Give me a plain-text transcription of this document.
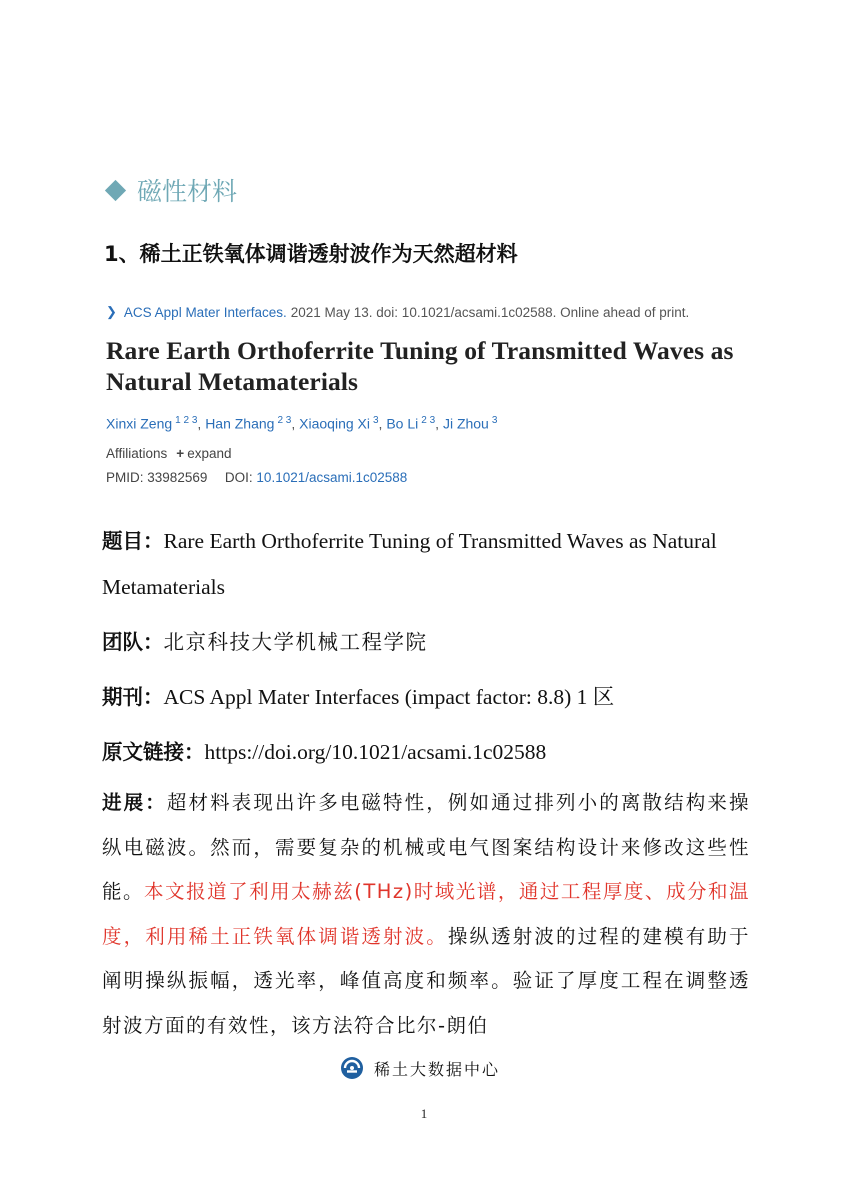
磁性材料
1、稀土正铁氧体调谐透射波作为天然超材料
❯ ACS Appl Mater Interfaces. 2021 May 13. doi: 10.1021/acsami.1c02588. Online ahead of print.
Rare Earth Orthoferrite Tuning of Transmitted Waves as Natural Metamaterials
Xinxi Zeng $^{1 2 3}$, Han Zhang $^{2 3}$, Xiaoqing Xi $^3$, Bo Li $^{2 3}$, Ji Zhou $^3$
Affiliations + expand
PMID: 33982569 DOI: 10.1021/acsami.1c02588
题目：Rare Earth Orthoferrite Tuning of Transmitted Waves as Natural Metamaterials
团队：北京科技大学机械工程学院
期刊：ACS Appl Mater Interfaces (impact factor: 8.8) 1 区
原文链接：https://doi.org/10.1021/acsami.1c02588
进展：超材料表现出许多电磁特性，例如通过排列小的离散结构来操纵电磁波。然而，需要复杂的机械或电气图案结构设计来修改这些性能。本文报道了利用太赫兹(THz)时域光谱，通过工程厚度、成分和温度，利用稀土正铁氧体调谐透射波。操纵透射波的过程的建模有助于阐明操纵振幅，透光率，峰值高度和频率。验证了厚度工程在调整透射波方面的有效性，该方法符合比尔-朗伯
稀土大数据中心
1
